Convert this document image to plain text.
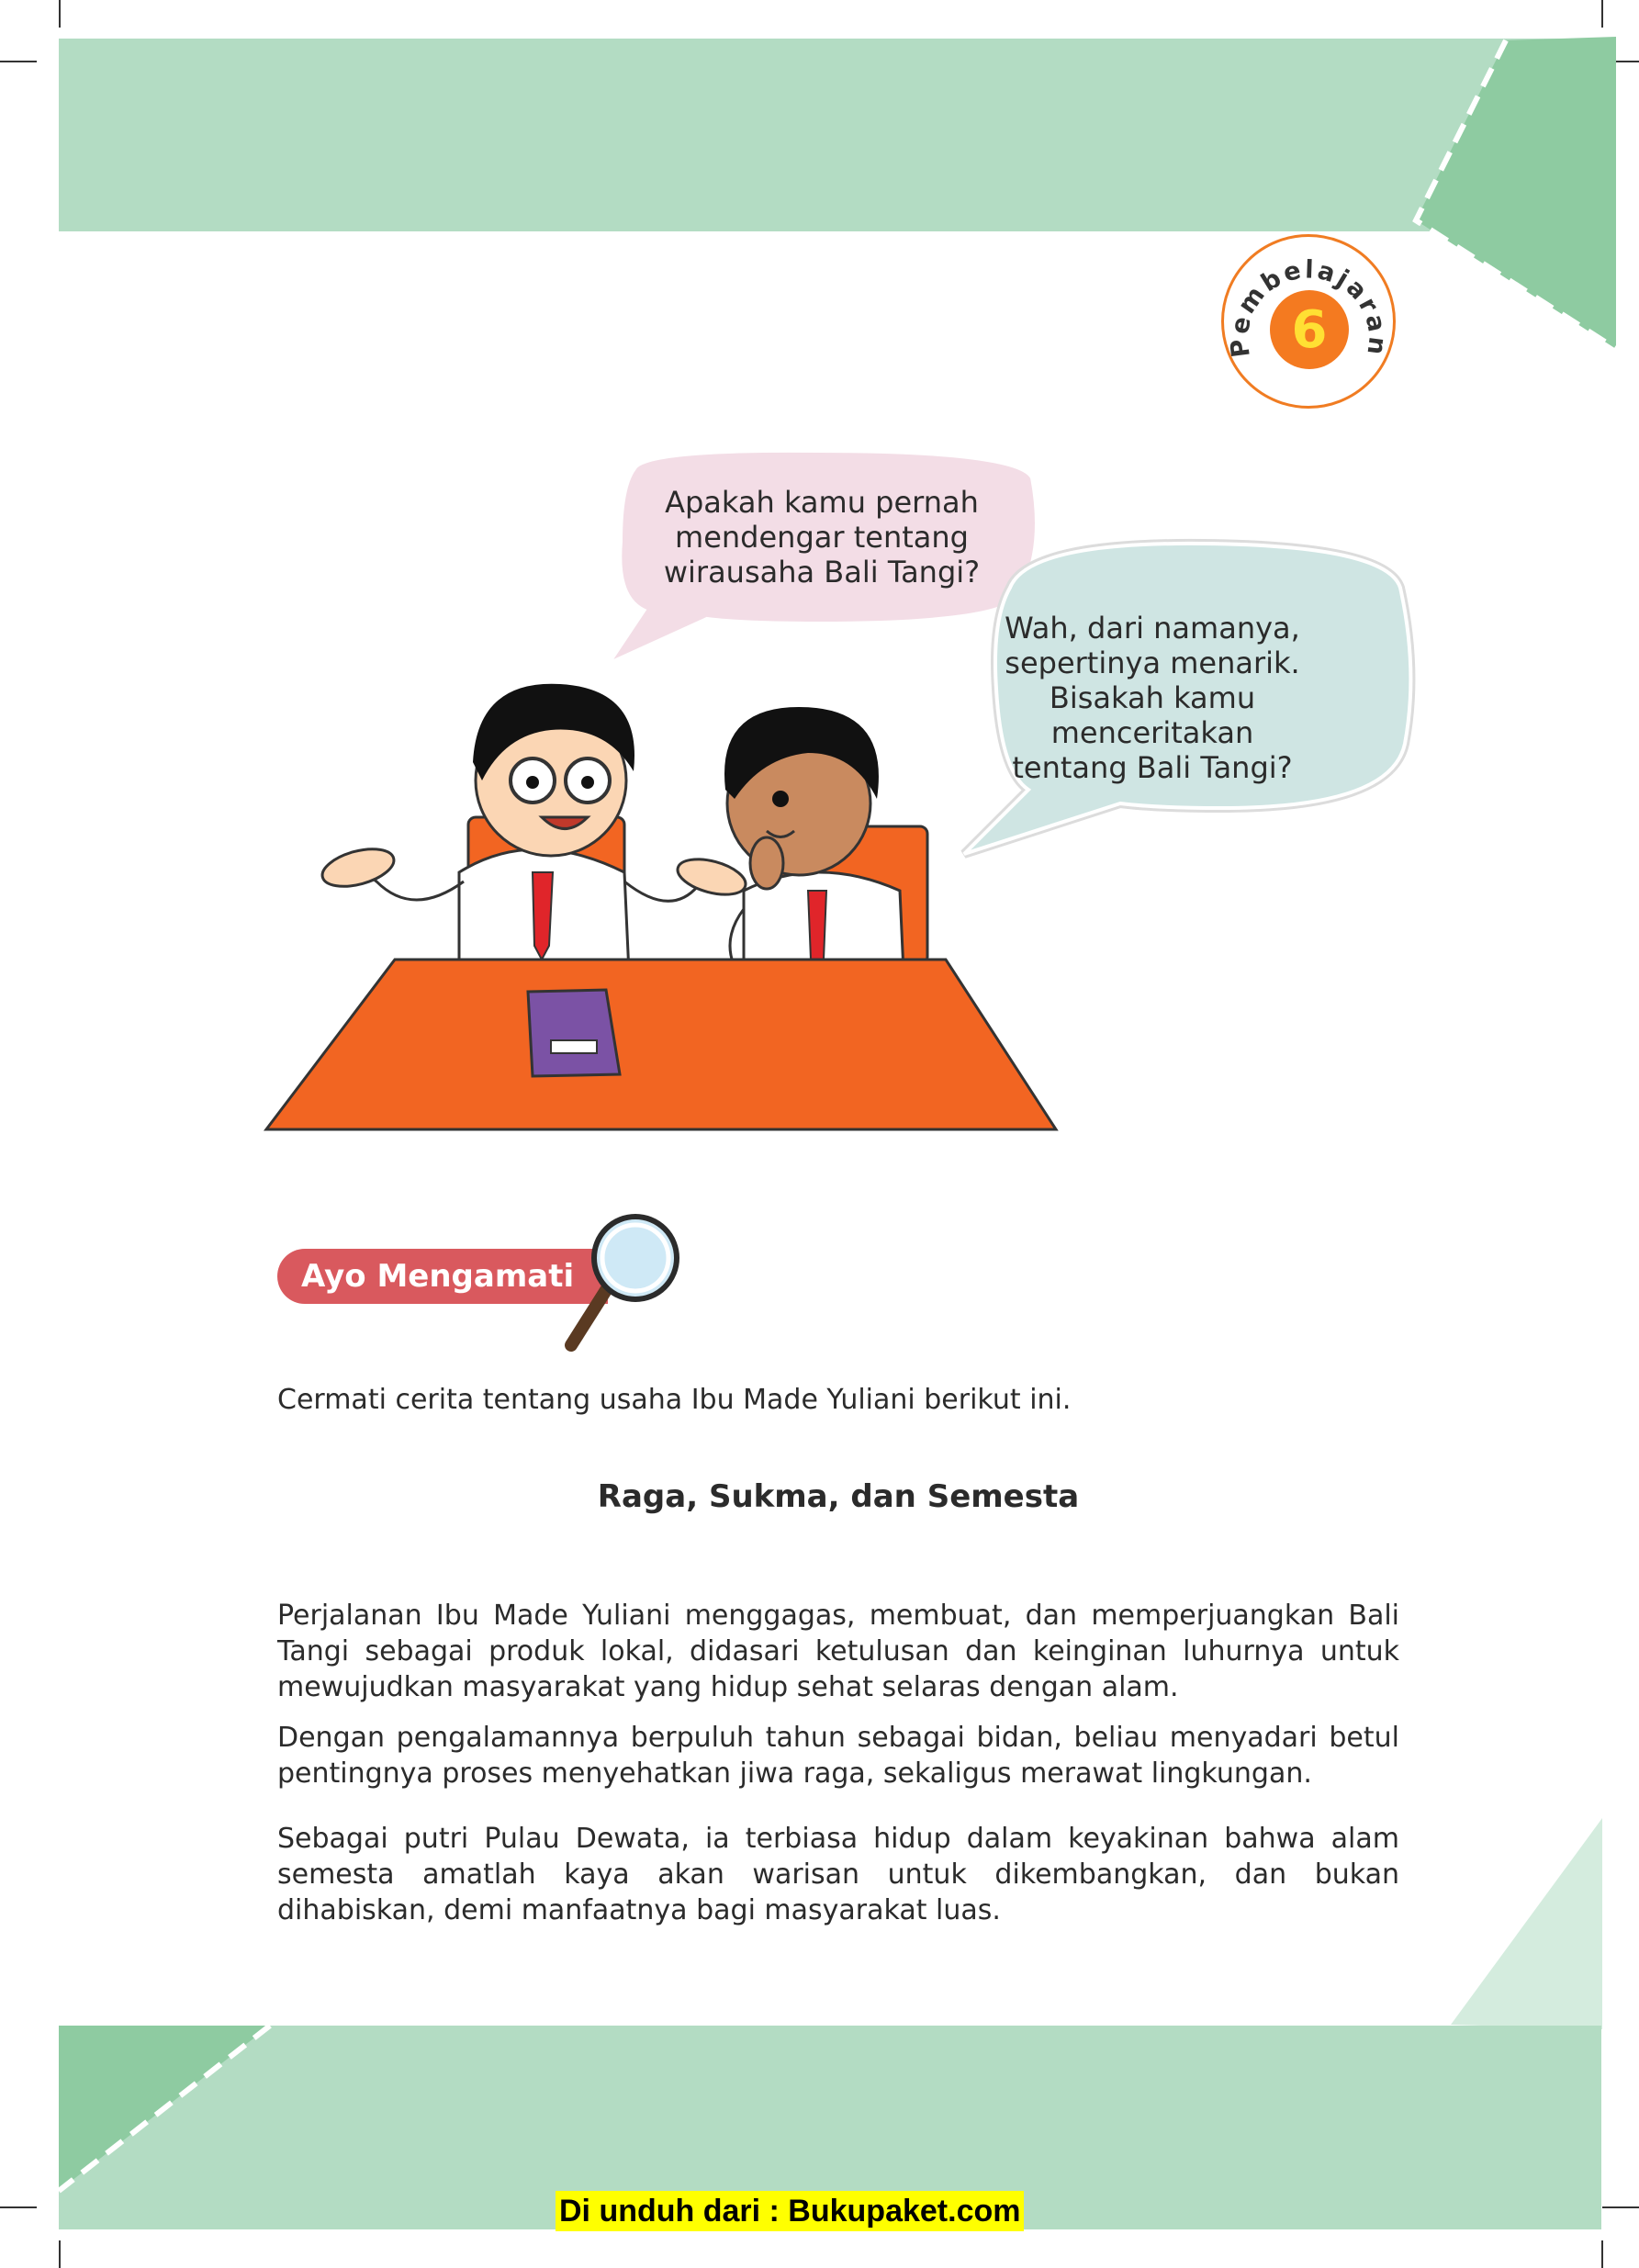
Pembelajaran
6
Apakah kamu pernah mendengar tentang wirausaha Bali Tangi?
Wah, dari namanya, sepertinya menarik. Bisakah kamu menceritakan tentang Bali Tangi?
Ayo Mengamati
Cermati cerita tentang usaha Ibu Made Yuliani berikut ini.
Raga, Sukma, dan Semesta
Perjalanan Ibu Made Yuliani menggagas, membuat, dan memperjuangkan Bali Tangi sebagai produk lokal, didasari ketulusan dan keinginan luhurnya untuk mewujudkan masyarakat yang hidup sehat selaras dengan alam.
Dengan pengalamannya berpuluh tahun sebagai bidan, beliau menyadari betul pentingnya proses menyehatkan jiwa raga, sekaligus merawat lingkungan.
Sebagai putri Pulau Dewata, ia terbiasa hidup dalam keyakinan bahwa alam semesta amatlah kaya akan warisan untuk dikembangkan, dan bukan dihabiskan, demi manfaatnya bagi masyarakat luas.
Di unduh dari : Bukupaket.com
